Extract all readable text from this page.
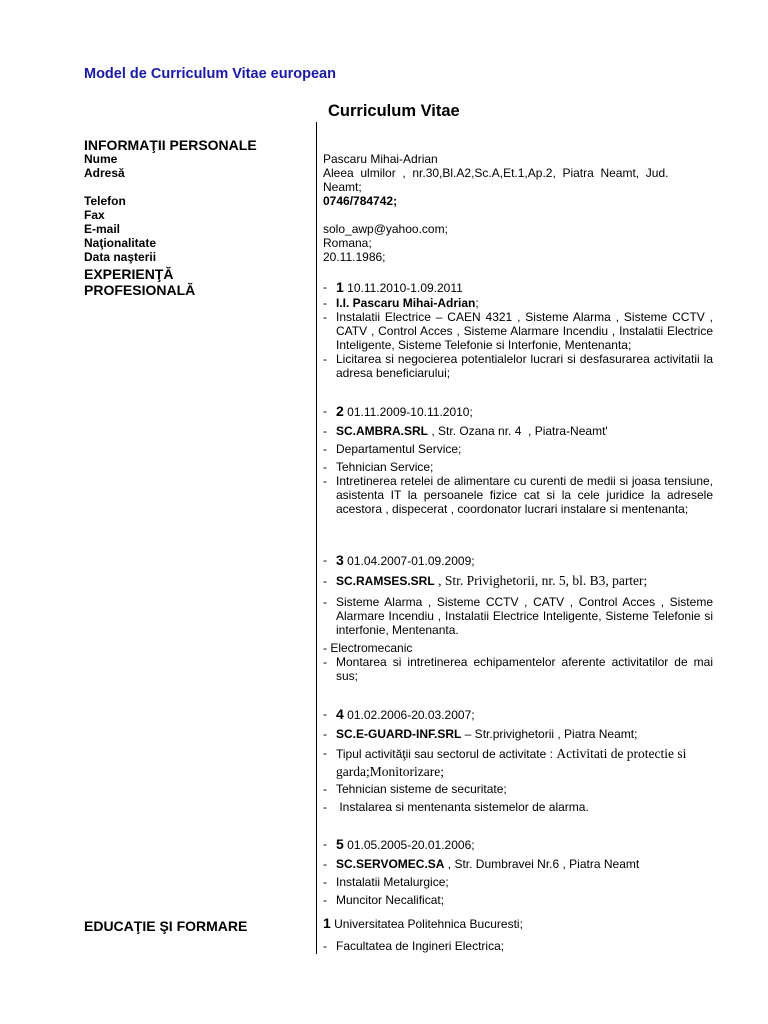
Model de Curriculum Vitae european
Curriculum Vitae
INFORMAŢII PERSONALE
Nume
Adresă
Telefon
Fax
E-mail
Naţionalitate
Data naşterii
EXPERIENŢĂ
PROFESIONALĂ
Pascaru Mihai-Adrian
Aleea  ulmilor  ,  nr.30,Bl.A2,Sc.A,Et.1,Ap.2,  Piatra  Neamt,  Jud.
Neamt;
0746/784742;
solo_awp@yahoo.com;
Romana;
20.11.1986;
- 1 10.11.2010-1.09.2011
- I.I. Pascaru Mihai-Adrian;
- Instalatii Electrice – CAEN 4321 , Sisteme Alarma , Sisteme CCTV , CATV , Control Acces , Sisteme Alarmare Incendiu , Instalatii Electrice Inteligente, Sisteme Telefonie si Interfonie, Mentenanta;
- Licitarea si negocierea potentialelor lucrari si desfasurarea activitatii la adresa beneficiarului;
- 2 01.11.2009-10.11.2010;
- SC.AMBRA.SRL , Str. Ozana nr. 4  , Piatra-Neamt'
- Departamentul Service;
- Tehnician Service;
- Intretinerea retelei de alimentare cu curenti de medii si joasa tensiune, asistenta IT la persoanele fizice cat si la cele juridice la adresele acestora , dispecerat , coordonator lucrari instalare si mentenanta;
- 3 01.04.2007-01.09.2009;
- SC.RAMSES.SRL , Str. Privighetorii, nr. 5, bl. B3, parter;
- Sisteme Alarma , Sisteme CCTV , CATV , Control Acces , Sisteme Alarmare Incendiu , Instalatii Electrice Inteligente, Sisteme Telefonie si interfonie, Mentenanta.
- Electromecanic
- Montarea si intretinerea echipamentelor aferente activitatilor de mai sus;
- 4 01.02.2006-20.03.2007;
- SC.E-GUARD-INF.SRL – Str.privighetorii , Piatra Neamt;
- Tipul activităţii sau sectorul de activitate : Activitati de protectie si garda;Monitorizare;
- Tehnician sisteme de securitate;
- Instalarea si mentenanta sistemelor de alarma.
- 5 01.05.2005-20.01.2006;
- SC.SERVOMEC.SA , Str. Dumbravei Nr.6 , Piatra Neamt
- Instalatii Metalurgice;
- Muncitor Necalificat;
EDUCAŢIE ŞI FORMARE	1 Universitatea Politehnica Bucuresti;
- Facultatea de Ingineri Electrica;
